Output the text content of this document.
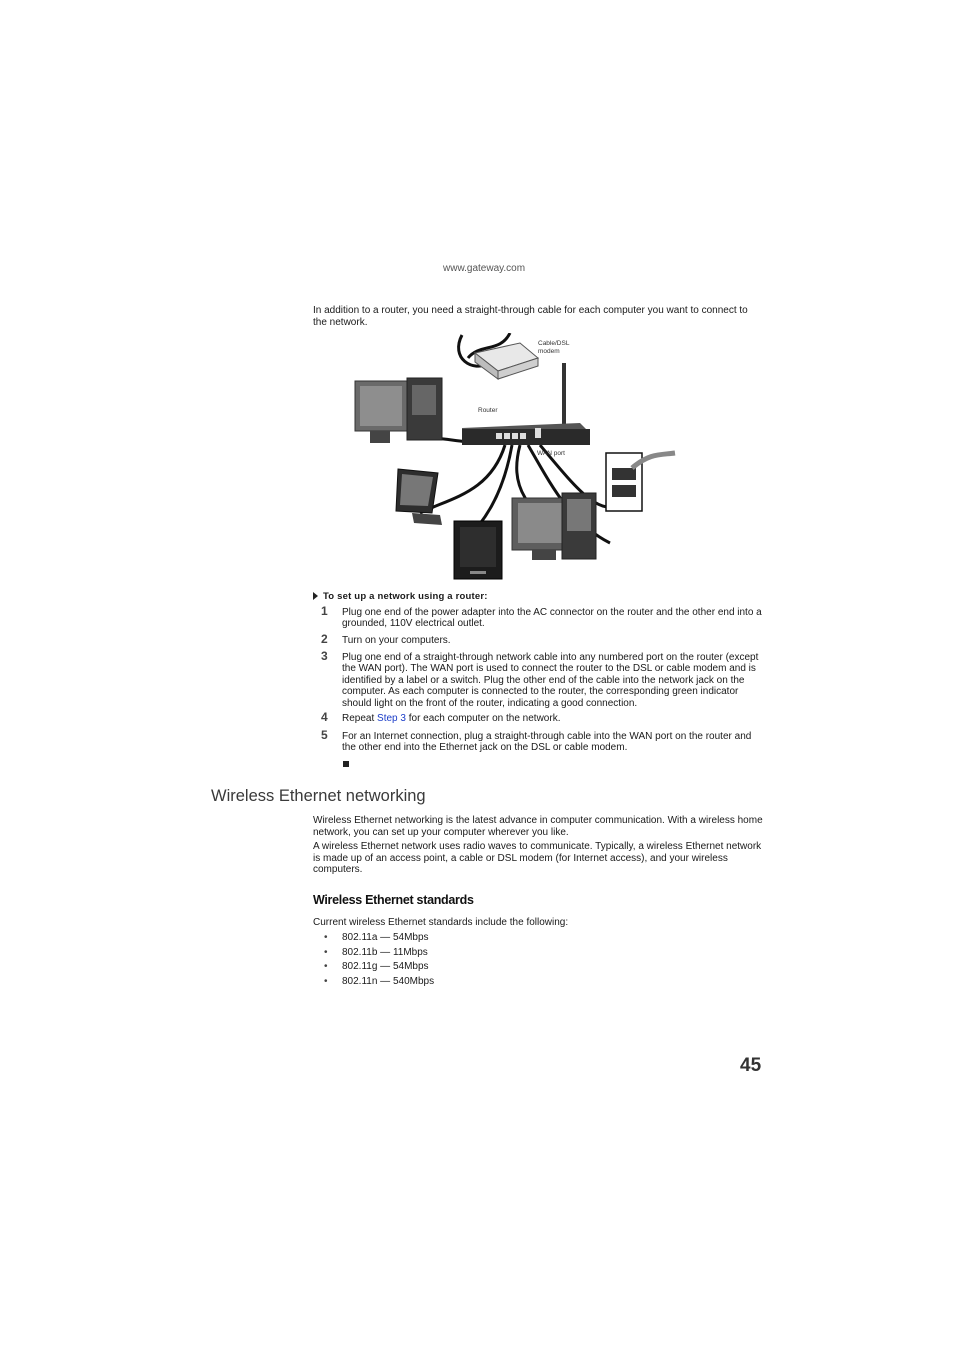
www.gateway.com
In addition to a router, you need a straight-through cable for each computer you want to connect to the network.
Cable/DSL
modem
Router
WAN port
To set up a network using a router:
1 Plug one end of the power adapter into the AC connector on the router and the other end into a grounded, 110V electrical outlet.
2 Turn on your computers.
3 Plug one end of a straight-through network cable into any numbered port on the router (except the WAN port). The WAN port is used to connect the router to the DSL or cable modem and is identified by a label or a switch. Plug the other end of the cable into the network jack on the computer. As each computer is connected to the router, the corresponding green indicator should light on the front of the router, indicating a good connection.
4 Repeat Step 3 for each computer on the network.
5 For an Internet connection, plug a straight-through cable into the WAN port on the router and the other end into the Ethernet jack on the DSL or cable modem.
Wireless Ethernet networking
Wireless Ethernet networking is the latest advance in computer communication. With a wireless home network, you can set up your computer wherever you like.
A wireless Ethernet network uses radio waves to communicate. Typically, a wireless Ethernet network is made up of an access point, a cable or DSL modem (for Internet access), and your wireless computers.
Wireless Ethernet standards
Current wireless Ethernet standards include the following:
• 802.11a — 54Mbps
• 802.11b — 11Mbps
• 802.11g — 54Mbps
• 802.11n — 540Mbps
45
